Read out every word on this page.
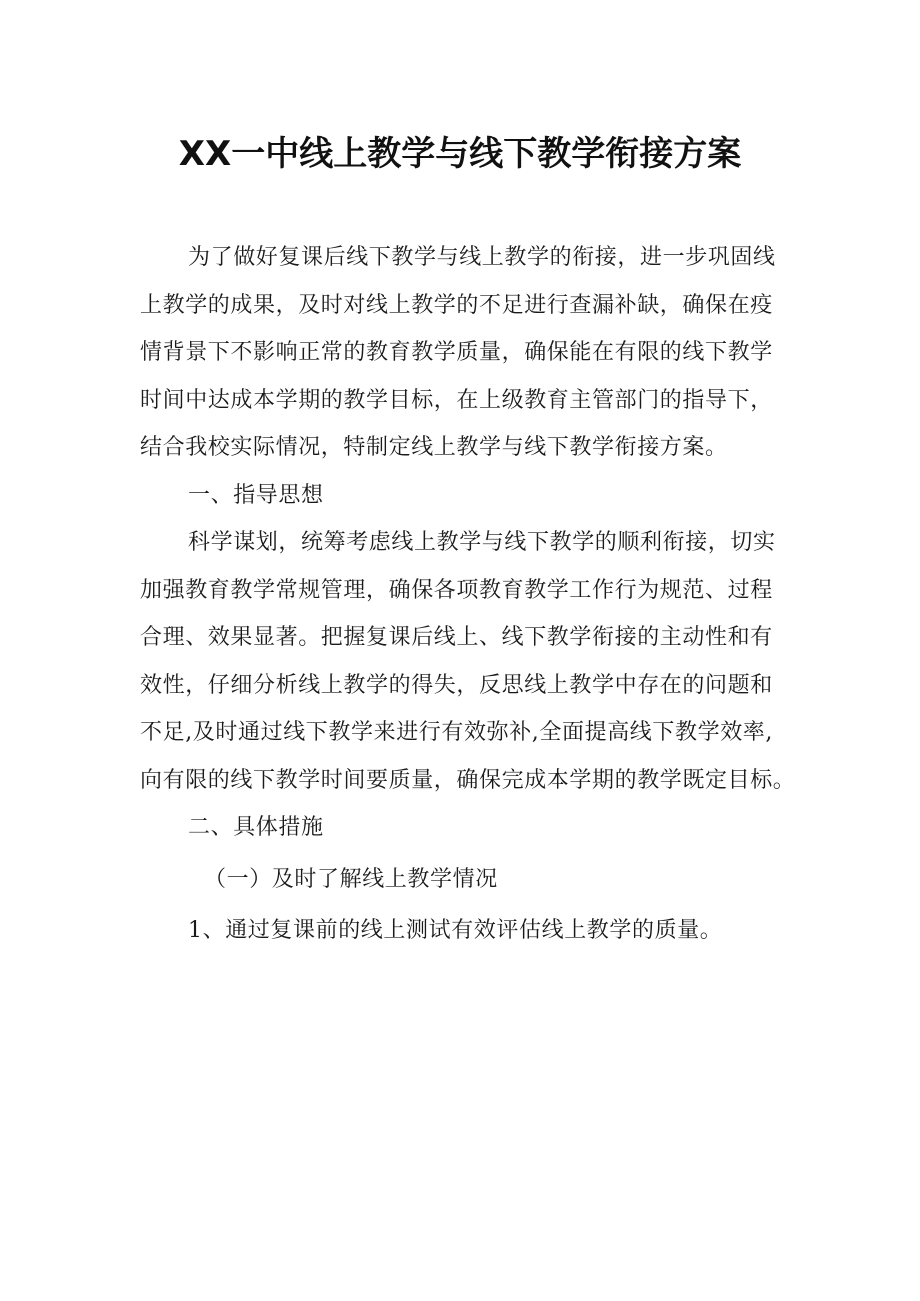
XX一中线上教学与线下教学衔接方案

为了做好复课后线下教学与线上教学的衔接，进一步巩固线
上教学的成果，及时对线上教学的不足进行查漏补缺，确保在疫
情背景下不影响正常的教育教学质量，确保能在有限的线下教学
时间中达成本学期的教学目标，在上级教育主管部门的指导下，
结合我校实际情况，特制定线上教学与线下教学衔接方案。

一、指导思想

科学谋划，统筹考虑线上教学与线下教学的顺利衔接，切实
加强教育教学常规管理，确保各项教育教学工作行为规范、过程
合理、效果显著。把握复课后线上、线下教学衔接的主动性和有
效性，仔细分析线上教学的得失，反思线上教学中存在的问题和
不足,及时通过线下教学来进行有效弥补,全面提高线下教学效率,
向有限的线下教学时间要质量，确保完成本学期的教学既定目标。

二、具体措施

（一）及时了解线上教学情况

1、通过复课前的线上测试有效评估线上教学的质量。
